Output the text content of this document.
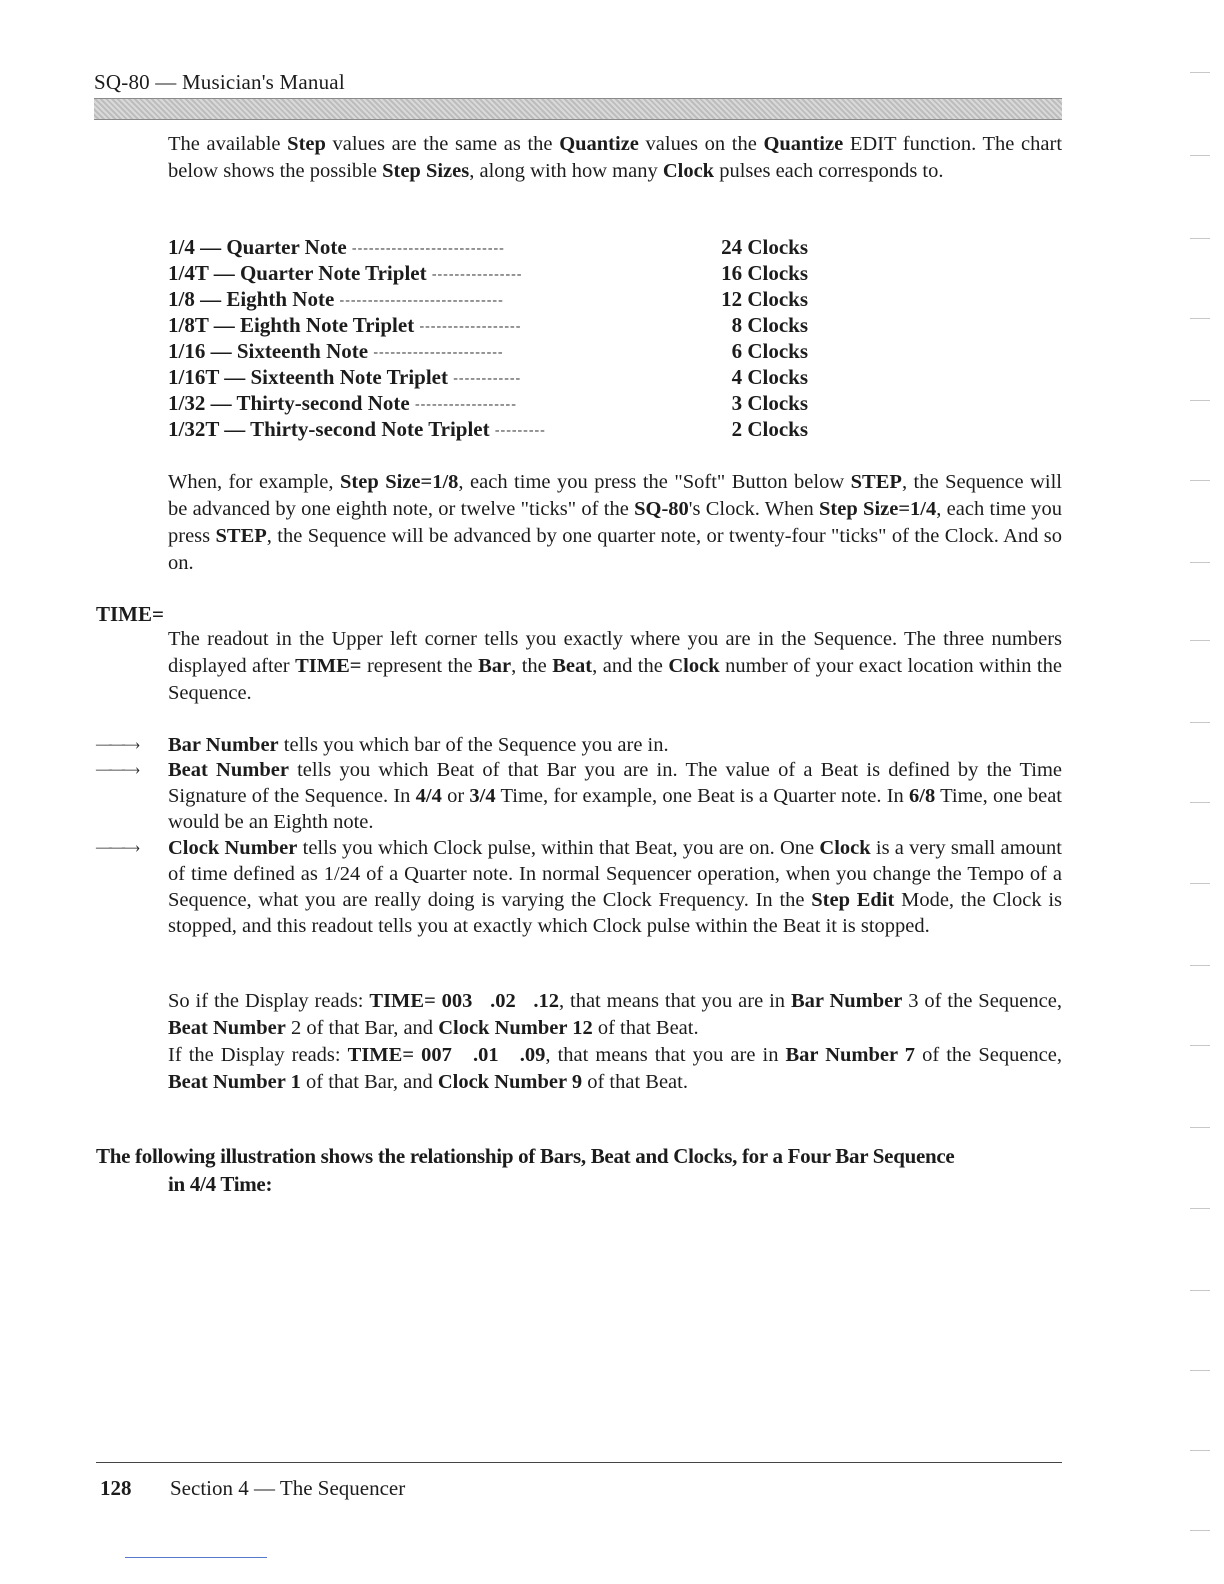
SQ-80 — Musician's Manual

The available Step values are the same as the Quantize values on the Quantize EDIT function. The chart below shows the possible Step Sizes, along with how many Clock pulses each corresponds to.

1/4 — Quarter Note ---------------------------	24 Clocks
1/4T — Quarter Note Triplet ----------------	16 Clocks
1/8 — Eighth Note -----------------------------	12 Clocks
1/8T — Eighth Note Triplet ------------------	8 Clocks
1/16 — Sixteenth Note -----------------------	6 Clocks
1/16T — Sixteenth Note Triplet ------------	4 Clocks
1/32 — Thirty-second Note ------------------	3 Clocks
1/32T — Thirty-second Note Triplet ---------	2 Clocks

When, for example, Step Size=1/8, each time you press the "Soft" Button below STEP, the Sequence will be advanced by one eighth note, or twelve "ticks" of the SQ-80's Clock. When Step Size=1/4, each time you press STEP, the Sequence will be advanced by one quarter note, or twenty-four "ticks" of the Clock. And so on.

TIME=

The readout in the Upper left corner tells you exactly where you are in the Sequence. The three numbers displayed after TIME= represent the Bar, the Beat, and the Clock number of your exact location within the Sequence.

———›	Bar Number tells you which bar of the Sequence you are in.
———›	Beat Number tells you which Beat of that Bar you are in. The value of a Beat is defined by the Time Signature of the Sequence. In 4/4 or 3/4 Time, for example, one Beat is a Quarter note. In 6/8 Time, one beat would be an Eighth note.
———›	Clock Number tells you which Clock pulse, within that Beat, you are on. One Clock is a very small amount of time defined as 1/24 of a Quarter note. In normal Sequencer operation, when you change the Tempo of a Sequence, what you are really doing is varying the Clock Frequency. In the Step Edit Mode, the Clock is stopped, and this readout tells you at exactly which Clock pulse within the Beat it is stopped.

So if the Display reads: TIME= 003   .02   .12, that means that you are in Bar Number 3 of the Sequence, Beat Number 2 of that Bar, and Clock Number 12 of that Beat.

If the Display reads: TIME= 007   .01   .09, that means that you are in Bar Number 7 of the Sequence, Beat Number 1 of that Bar, and Clock Number 9 of that Beat.

The following illustration shows the relationship of Bars, Beat and Clocks, for a Four Bar Sequence
in 4/4 Time:
128 Section 4 — The Sequencer
